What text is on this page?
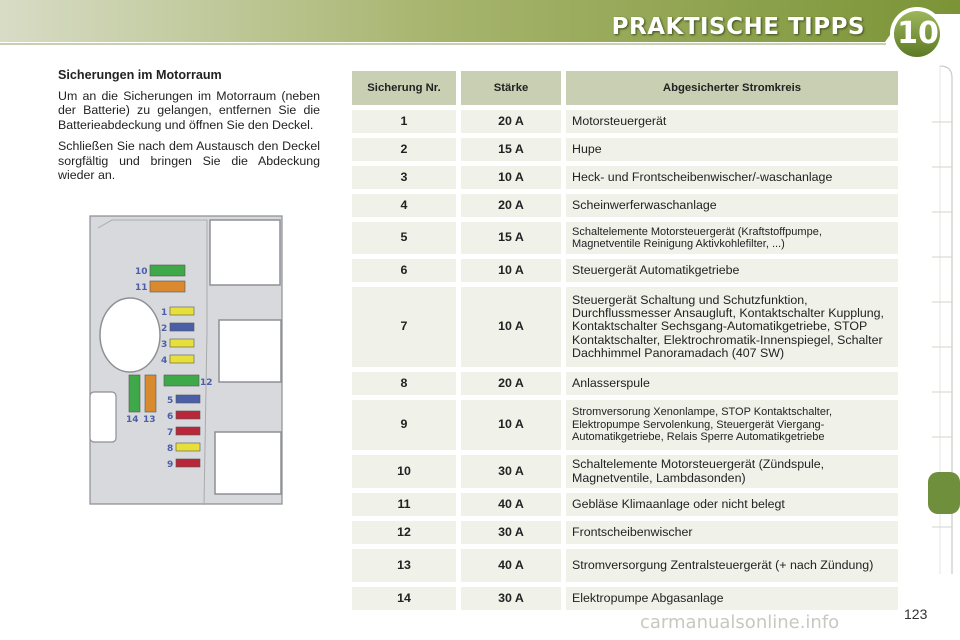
PRAKTISCHE TIPPS	10
Sicherungen im Motorraum

Um an die Sicherungen im Motorraum (neben der Batterie) zu gelangen, entfernen Sie die Batterieabdeckung und öffnen Sie den Deckel.

Schließen Sie nach dem Austausch den Deckel sorgfältig und bringen Sie die Abdeckung wieder an.

10
11
1
2
3
4
12
14 13
5
6
7
8
9
Sicherung Nr.	Stärke	Abgesicherter Stromkreis
1	20 A	Motorsteuergerät
2	15 A	Hupe
3	10 A	Heck- und Frontscheibenwischer/-waschanlage
4	20 A	Scheinwerferwaschanlage
5	15 A	Schaltelemente Motorsteuergerät (Kraftstoffpumpe, Magnetventile Reinigung Aktivkohlefilter, ...)
6	10 A	Steuergerät Automatikgetriebe
7	10 A	Steuergerät Schaltung und Schutzfunktion, Durchflussmesser Ansaugluft, Kontaktschalter Kupplung, Kontaktschalter Sechsgang-Automatikgetriebe, STOP Kontaktschalter, Elektrochromatik-Innenspiegel, Schalter Dachhimmel Panoramadach (407 SW)
8	20 A	Anlasserspule
9	10 A	Stromversorung Xenonlampe, STOP Kontaktschalter, Elektropumpe Servolenkung, Steuergerät Viergang-Automatikgetriebe, Relais Sperre Automatikgetriebe
10	30 A	Schaltelemente Motorsteuergerät (Zündspule, Magnetventile, Lambdasonden)
11	40 A	Gebläse Klimaanlage oder nicht belegt
12	30 A	Frontscheibenwischer
13	40 A	Stromversorgung Zentralsteuergerät (+ nach Zündung)
14	30 A	Elektropumpe Abgasanlage
carmanualsonline.info	123
